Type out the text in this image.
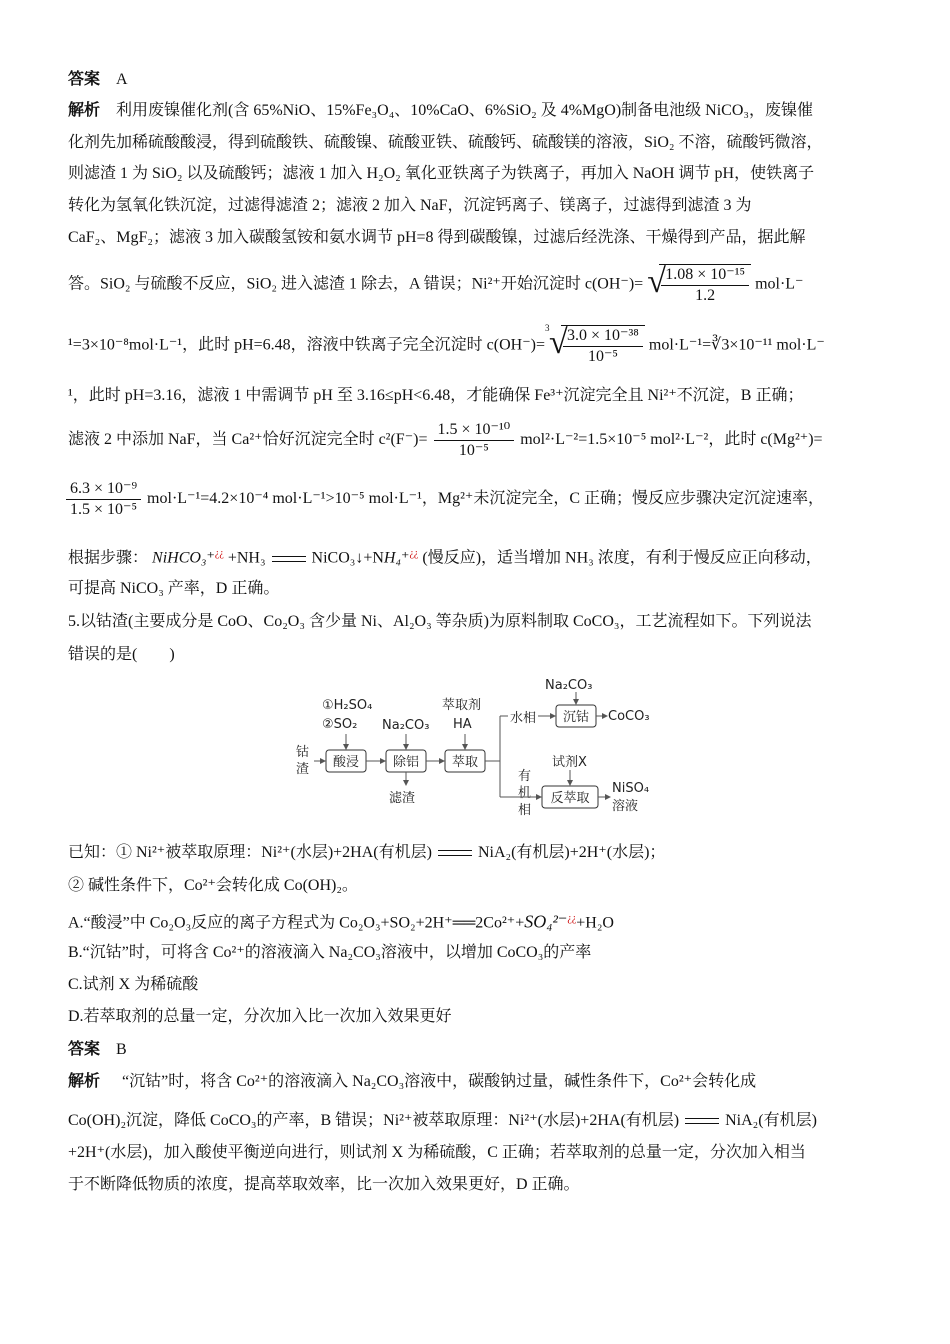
答案 A
解析 利用废镍催化剂(含 65%NiO、15%Fe₃O₄、10%CaO、6%SiO₂ 及 4%MgO)制备电池级 NiCO₃，废镍催
化剂先加稀硫酸酸浸，得到硫酸铁、硫酸镍、硫酸亚铁、硫酸钙、硫酸镁的溶液，SiO₂ 不溶，硫酸钙微溶，
则滤渣 1 为 SiO₂ 以及硫酸钙；滤液 1 加入 H₂O₂ 氧化亚铁离子为铁离子，再加入 NaOH 调节 pH，使铁离子
转化为氢氧化铁沉淀，过滤得滤渣 2；滤液 2 加入 NaF，沉淀钙离子、镁离子，过滤得到滤渣 3 为
CaF₂、MgF₂；滤液 3 加入碳酸氢铵和氨水调节 pH=8 得到碳酸镍，过滤后经洗涤、干燥得到产品，据此解
答。SiO₂ 与硫酸不反应，SiO₂ 进入滤渣 1 除去，A 错误；Ni²⁺开始沉淀时 c(OH⁻)= √
$\frac{\text{1.08 × 10⁻¹⁵}}{1.2} mol\cdot L^-$
¹=3×10⁻⁸mol·L⁻¹，此时 pH=6.48，溶液中铁离子完全沉淀时 c(OH⁻)=
3 √
$\frac{\text{3.0 × 10⁻³⁸}}{\text{10⁻⁵}}$ mol·L⁻¹=∛3×10⁻¹¹ mol·L⁻
¹，此时 pH=3.16，滤液 1 中需调节 pH 至 3.16≤pH<6.48，才能确保 Fe³⁺沉淀完全且 Ni²⁺不沉淀，B 正确；
滤液 2 中添加 NaF，当 Ca²⁺恰好沉淀完全时 $c^2(F^-)= \frac{\text{1.5 × 10⁻¹⁰}}{\text{10⁻⁵}} mol^2\cdot L^{-2}=1.5\times 10^{-5}$ mol²·L⁻²，此时 c(Mg²⁺)=
$\frac{\text{6.3 × 10⁻⁹}}{\text{1.5 × 10⁻⁵}} mol\cdot L^{-1}=4.2\times 10^{-4}$ mol·L⁻¹>10⁻⁵ mol·L⁻¹，Mg²⁺未沉淀完全，C 正确；慢反应步骤决定沉淀速率，
根据步骤： NiHCO₃⁺¿¿ +NH₃	NiCO₃↓+NH₄⁺¿¿ (慢反应)，适当增加 NH₃ 浓度，有利于慢反应正向移动，
可提高 NiCO₃ 产率，D 正确。
5.以钴渣(主要成分是 CoO、Co₂O₃ 含少量 Ni、Al₂O₃ 等杂质)为原料制取 CoCO₃，工艺流程如下。下列说法
错误的是(　　)
①H₂SO₄
②SO₂ Na₂CO₃
萃取剂
HA
钴
渣
滤渣
水相
Na₂CO₃
CoCO₃
有
机
相
试剂X
NiSO₄
溶液
酸浸	除铝	萃取
沉钴
反萃取
已知：① Ni²⁺被萃取原理：Ni²⁺(水层)+2HA(有机层)	NiA₂(有机层)+2H⁺(水层)；
② 碱性条件下，Co²⁺会转化成 Co(OH)₂。
A.“酸浸”中 Co₂O₃反应的离子方程式为 Co₂O₃+SO₂+2H⁺══2Co²⁺+SO₄²⁻¿¿+H₂O
B.“沉钴”时，可将含 Co²⁺的溶液滴入 Na₂CO₃溶液中，以增加 CoCO₃的产率
C.试剂 X 为稀硫酸
D.若萃取剂的总量一定，分次加入比一次加入效果更好
答案 B
解析 “沉钴”时，将含 Co²⁺的溶液滴入 Na₂CO₃溶液中，碳酸钠过量，碱性条件下，Co²⁺会转化成
Co(OH)₂沉淀，降低 CoCO₃的产率，B 错误；Ni²⁺被萃取原理：Ni²⁺(水层)+2HA(有机层)	NiA₂(有机层)
+2H⁺(水层)，加入酸使平衡逆向进行，则试剂 X 为稀硫酸，C 正确；若萃取剂的总量一定，分次加入相当
于不断降低物质的浓度，提高萃取效率，比一次加入效果更好，D 正确。
